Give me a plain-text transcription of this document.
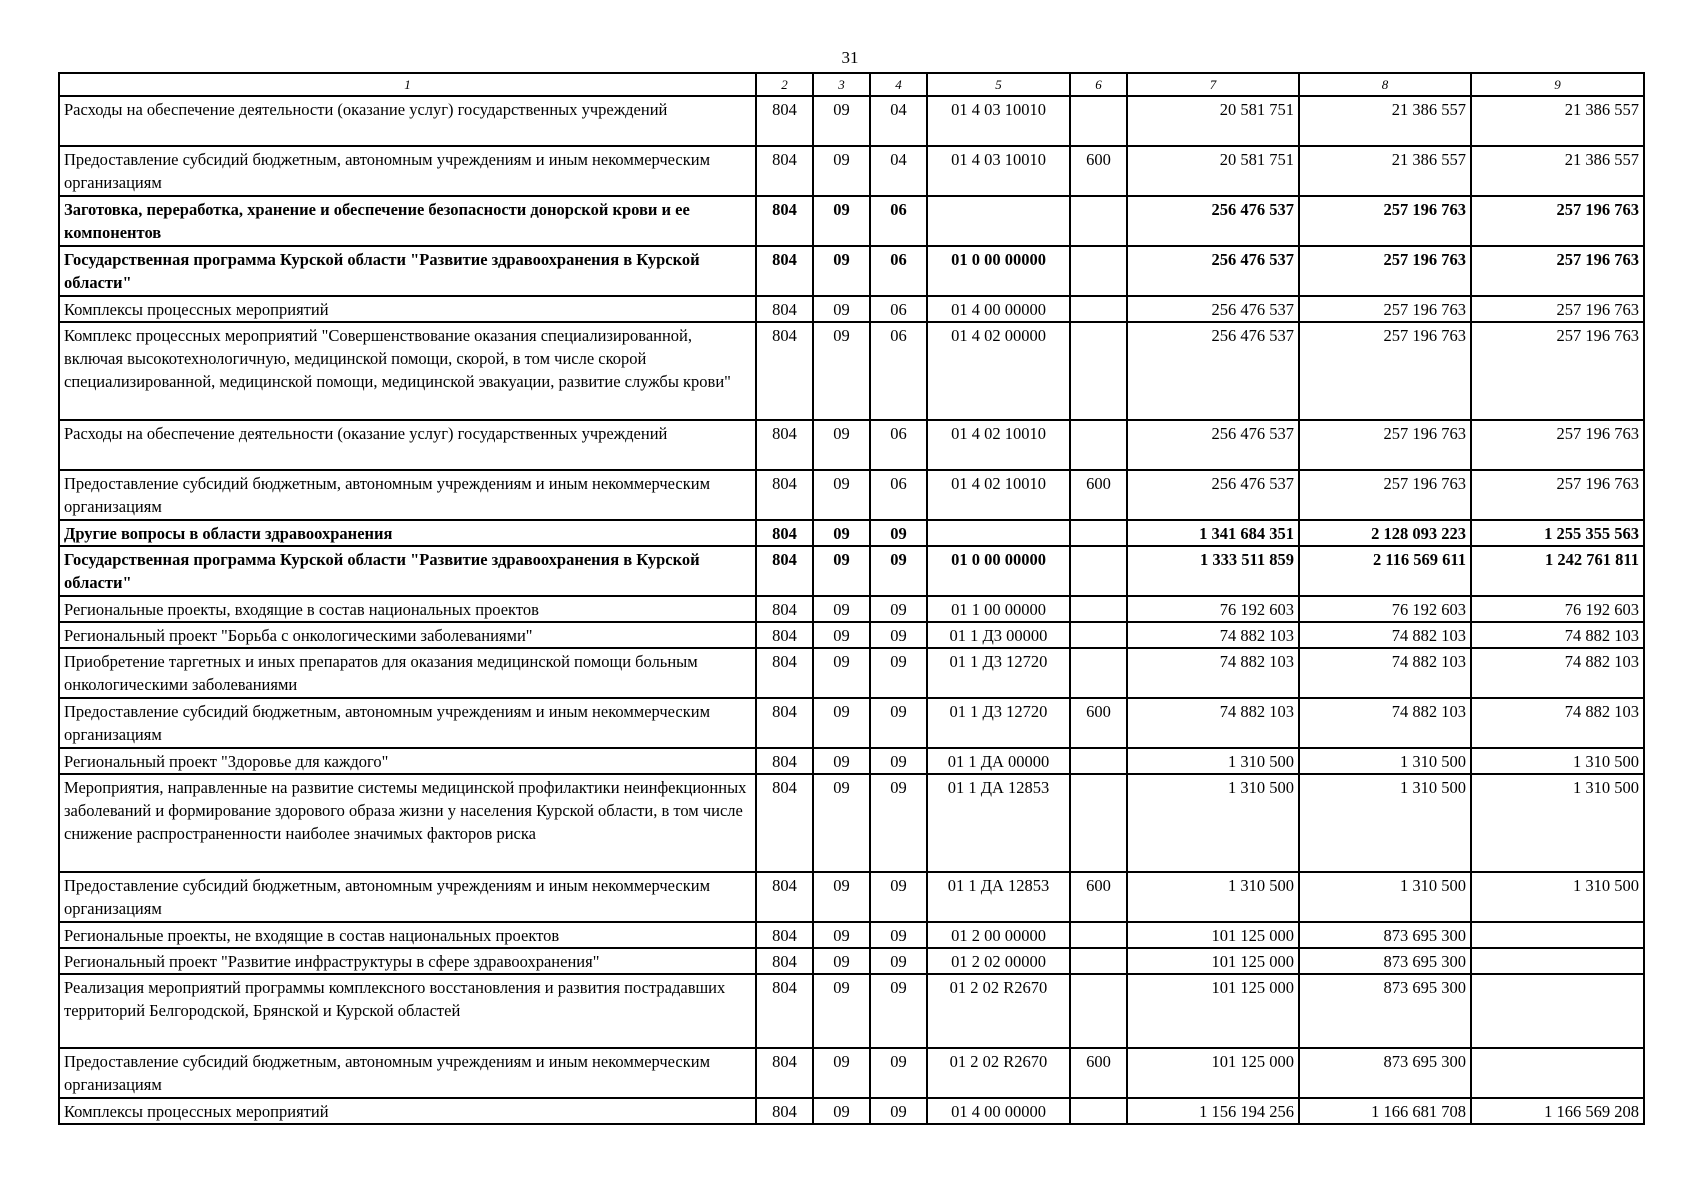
31
1	2	3	4	5	6	7	8	9
Расходы на обеспечение деятельности (оказание услуг) государственных учреждений	804	09	04	01 4 03 10010		20 581 751	21 386 557	21 386 557
Предоставление субсидий бюджетным, автономным учреждениям и иным некоммерческим организациям	804	09	04	01 4 03 10010	600	20 581 751	21 386 557	21 386 557
Заготовка, переработка, хранение и обеспечение безопасности донорской крови и ее компонентов	804	09	06			256 476 537	257 196 763	257 196 763
Государственная программа Курской области "Развитие здравоохранения в Курской области"	804	09	06	01 0 00 00000		256 476 537	257 196 763	257 196 763
Комплексы процессных мероприятий	804	09	06	01 4 00 00000		256 476 537	257 196 763	257 196 763
Комплекс процессных мероприятий "Совершенствование оказания специализированной, включая высокотехнологичную, медицинской помощи, скорой, в том числе скорой специализированной, медицинской помощи, медицинской эвакуации, развитие службы крови"	804	09	06	01 4 02 00000		256 476 537	257 196 763	257 196 763
Расходы на обеспечение деятельности (оказание услуг) государственных учреждений	804	09	06	01 4 02 10010		256 476 537	257 196 763	257 196 763
Предоставление субсидий бюджетным, автономным учреждениям и иным некоммерческим организациям	804	09	06	01 4 02 10010	600	256 476 537	257 196 763	257 196 763
Другие вопросы в области здравоохранения	804	09	09			1 341 684 351	2 128 093 223	1 255 355 563
Государственная программа Курской области "Развитие здравоохранения в Курской области"	804	09	09	01 0 00 00000		1 333 511 859	2 116 569 611	1 242 761 811
Региональные проекты, входящие в состав национальных проектов	804	09	09	01 1 00 00000		76 192 603	76 192 603	76 192 603
Региональный проект "Борьба с онкологическими заболеваниями"	804	09	09	01 1 Д3 00000		74 882 103	74 882 103	74 882 103
Приобретение таргетных и иных препаратов для оказания медицинской помощи больным онкологическими заболеваниями	804	09	09	01 1 Д3 12720		74 882 103	74 882 103	74 882 103
Предоставление субсидий бюджетным, автономным учреждениям и иным некоммерческим организациям	804	09	09	01 1 Д3 12720	600	74 882 103	74 882 103	74 882 103
Региональный проект "Здоровье для каждого"	804	09	09	01 1 ДА 00000		1 310 500	1 310 500	1 310 500
Мероприятия, направленные на развитие системы медицинской профилактики неинфекционных заболеваний и формирование здорового образа жизни у населения Курской области, в том числе снижение распространенности наиболее значимых факторов риска	804	09	09	01 1 ДА 12853		1 310 500	1 310 500	1 310 500
Предоставление субсидий бюджетным, автономным учреждениям и иным некоммерческим организациям	804	09	09	01 1 ДА 12853	600	1 310 500	1 310 500	1 310 500
Региональные проекты, не входящие в состав национальных проектов	804	09	09	01 2 00 00000		101 125 000	873 695 300	
Региональный проект "Развитие инфраструктуры в сфере здравоохранения"	804	09	09	01 2 02 00000		101 125 000	873 695 300	
Реализация мероприятий программы комплексного восстановления и развития пострадавших территорий Белгородской, Брянской и Курской областей	804	09	09	01 2 02 R2670		101 125 000	873 695 300	
Предоставление субсидий бюджетным, автономным учреждениям и иным некоммерческим организациям	804	09	09	01 2 02 R2670	600	101 125 000	873 695 300	
Комплексы процессных мероприятий	804	09	09	01 4 00 00000		1 156 194 256	1 166 681 708	1 166 569 208
